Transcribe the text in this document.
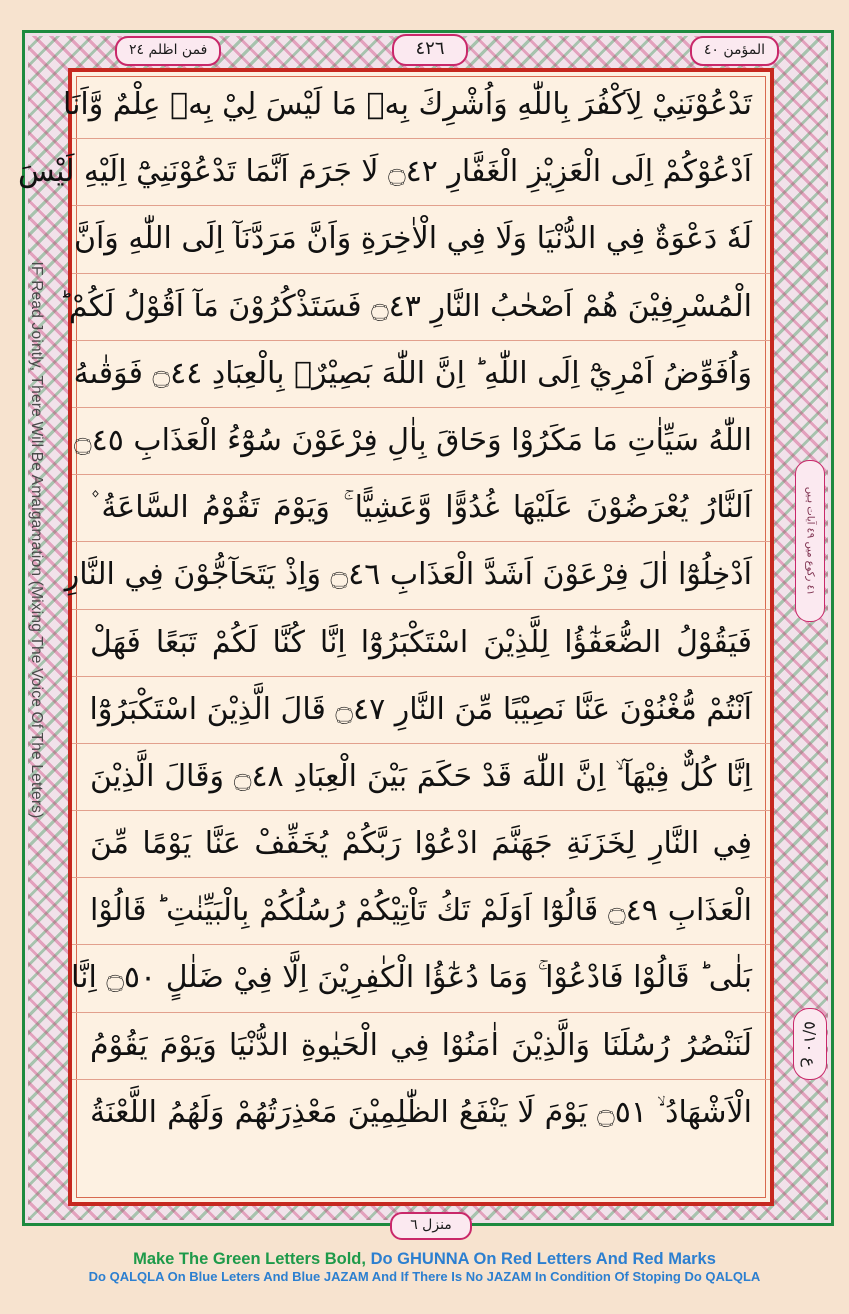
فمن اظلم ٢٤	٤٢٦	المؤمن ٤٠
IF Read Jointly, There Will Be Amalgamation (Mixing The Voice Of The Letters)	٤١ رکوع میں ٤٩ آیات ہیں
ع ٥/١٠
تَدْعُوْنَنِيْ لِاَكْفُرَ بِاللّٰهِ وَاُشْرِكَ بِهٖ مَا لَيْسَ لِيْ بِهٖ عِلْمٌ وَّاَنَا
اَدْعُوْكُمْ اِلَى الْعَزِيْزِ الْغَفَّارِ ۝٤٢ لَا جَرَمَ اَنَّمَا تَدْعُوْنَنِيْٓ اِلَيْهِ لَيْسَ
لَهٗ دَعْوَةٌ فِي الدُّنْيَا وَلَا فِي الْاٰخِرَةِ وَاَنَّ مَرَدَّنَآ اِلَى اللّٰهِ وَاَنَّ
الْمُسْرِفِيْنَ هُمْ اَصْحٰبُ النَّارِ ۝٤٣ فَسَتَذْكُرُوْنَ مَآ اَقُوْلُ لَكُمْ ؕ
وَاُفَوِّضُ اَمْرِيْٓ اِلَى اللّٰهِ ؕ اِنَّ اللّٰهَ بَصِيْرٌۢ بِالْعِبَادِ ۝٤٤ فَوَقٰىهُ
اللّٰهُ سَيِّاٰتِ مَا مَكَرُوْا وَحَاقَ بِاٰلِ فِرْعَوْنَ سُوْٓءُ الْعَذَابِ ۝٤٥
اَلنَّارُ يُعْرَضُوْنَ عَلَيْهَا غُدُوًّا وَّعَشِيًّا ۚ وَيَوْمَ تَقُوْمُ السَّاعَةُ ۫
اَدْخِلُوْٓا اٰلَ فِرْعَوْنَ اَشَدَّ الْعَذَابِ ۝٤٦ وَاِذْ يَتَحَآجُّوْنَ فِي النَّارِ
فَيَقُوْلُ الضُّعَفٰٓؤُا لِلَّذِيْنَ اسْتَكْبَرُوْٓا اِنَّا كُنَّا لَكُمْ تَبَعًا فَهَلْ
اَنْتُمْ مُّغْنُوْنَ عَنَّا نَصِيْبًا مِّنَ النَّارِ ۝٤٧ قَالَ الَّذِيْنَ اسْتَكْبَرُوْٓا
اِنَّا كُلٌّ فِيْهَآ ۙ اِنَّ اللّٰهَ قَدْ حَكَمَ بَيْنَ الْعِبَادِ ۝٤٨ وَقَالَ الَّذِيْنَ
فِي النَّارِ لِخَزَنَةِ جَهَنَّمَ ادْعُوْا رَبَّكُمْ يُخَفِّفْ عَنَّا يَوْمًا مِّنَ
الْعَذَابِ ۝٤٩ قَالُوْٓا اَوَلَمْ تَكُ تَاْتِيْكُمْ رُسُلُكُمْ بِالْبَيِّنٰتِ ؕ قَالُوْا
بَلٰى ؕ قَالُوْا فَادْعُوْا ۚ وَمَا دُعٰٓؤُا الْكٰفِرِيْنَ اِلَّا فِيْ ضَلٰلٍ ۝٥٠ اِنَّا
لَنَنْصُرُ رُسُلَنَا وَالَّذِيْنَ اٰمَنُوْا فِي الْحَيٰوةِ الدُّنْيَا وَيَوْمَ يَقُوْمُ
الْاَشْهَادُ ۙ ۝٥١ يَوْمَ لَا يَنْفَعُ الظّٰلِمِيْنَ مَعْذِرَتُهُمْ وَلَهُمُ اللَّعْنَةُ
منزل ٦
Make The Green Letters Bold, Do GHUNNA On Red Letters And Red Marks
Do QALQLA On Blue Leters And Blue JAZAM And If There Is No JAZAM In Condition Of Stoping Do QALQLA
